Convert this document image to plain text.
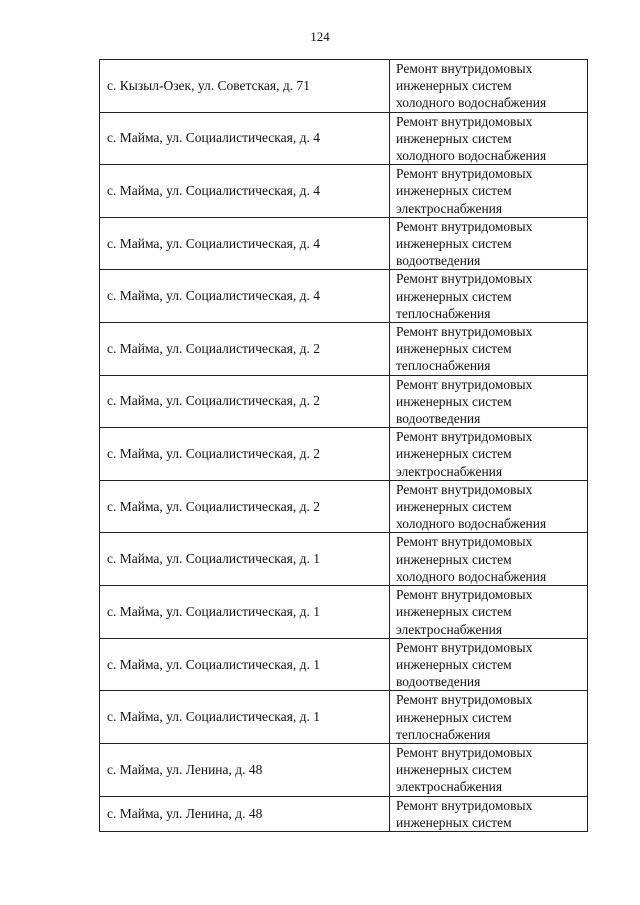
124
с. Кызыл-Озек, ул. Советская, д. 71	Ремонт внутридомовых
инженерных систем
холодного водоснабжения

с. Майма, ул. Социалистическая, д. 4	Ремонт внутридомовых
инженерных систем
холодного водоснабжения

с. Майма, ул. Социалистическая, д. 4	Ремонт внутридомовых
инженерных систем
электроснабжения

с. Майма, ул. Социалистическая, д. 4	Ремонт внутридомовых
инженерных систем
водоотведения

с. Майма, ул. Социалистическая, д. 4	Ремонт внутридомовых
инженерных систем
теплоснабжения

с. Майма, ул. Социалистическая, д. 2	Ремонт внутридомовых
инженерных систем
теплоснабжения

с. Майма, ул. Социалистическая, д. 2	Ремонт внутридомовых
инженерных систем
водоотведения

с. Майма, ул. Социалистическая, д. 2	Ремонт внутридомовых
инженерных систем
электроснабжения

с. Майма, ул. Социалистическая, д. 2	Ремонт внутридомовых
инженерных систем
холодного водоснабжения

с. Майма, ул. Социалистическая, д. 1	Ремонт внутридомовых
инженерных систем
холодного водоснабжения

с. Майма, ул. Социалистическая, д. 1	Ремонт внутридомовых
инженерных систем
электроснабжения

с. Майма, ул. Социалистическая, д. 1	Ремонт внутридомовых
инженерных систем
водоотведения

с. Майма, ул. Социалистическая, д. 1	Ремонт внутридомовых
инженерных систем
теплоснабжения

с. Майма, ул. Ленина, д. 48	Ремонт внутридомовых
инженерных систем
электроснабжения

с. Майма, ул. Ленина, д. 48	Ремонт внутридомовых
инженерных систем
